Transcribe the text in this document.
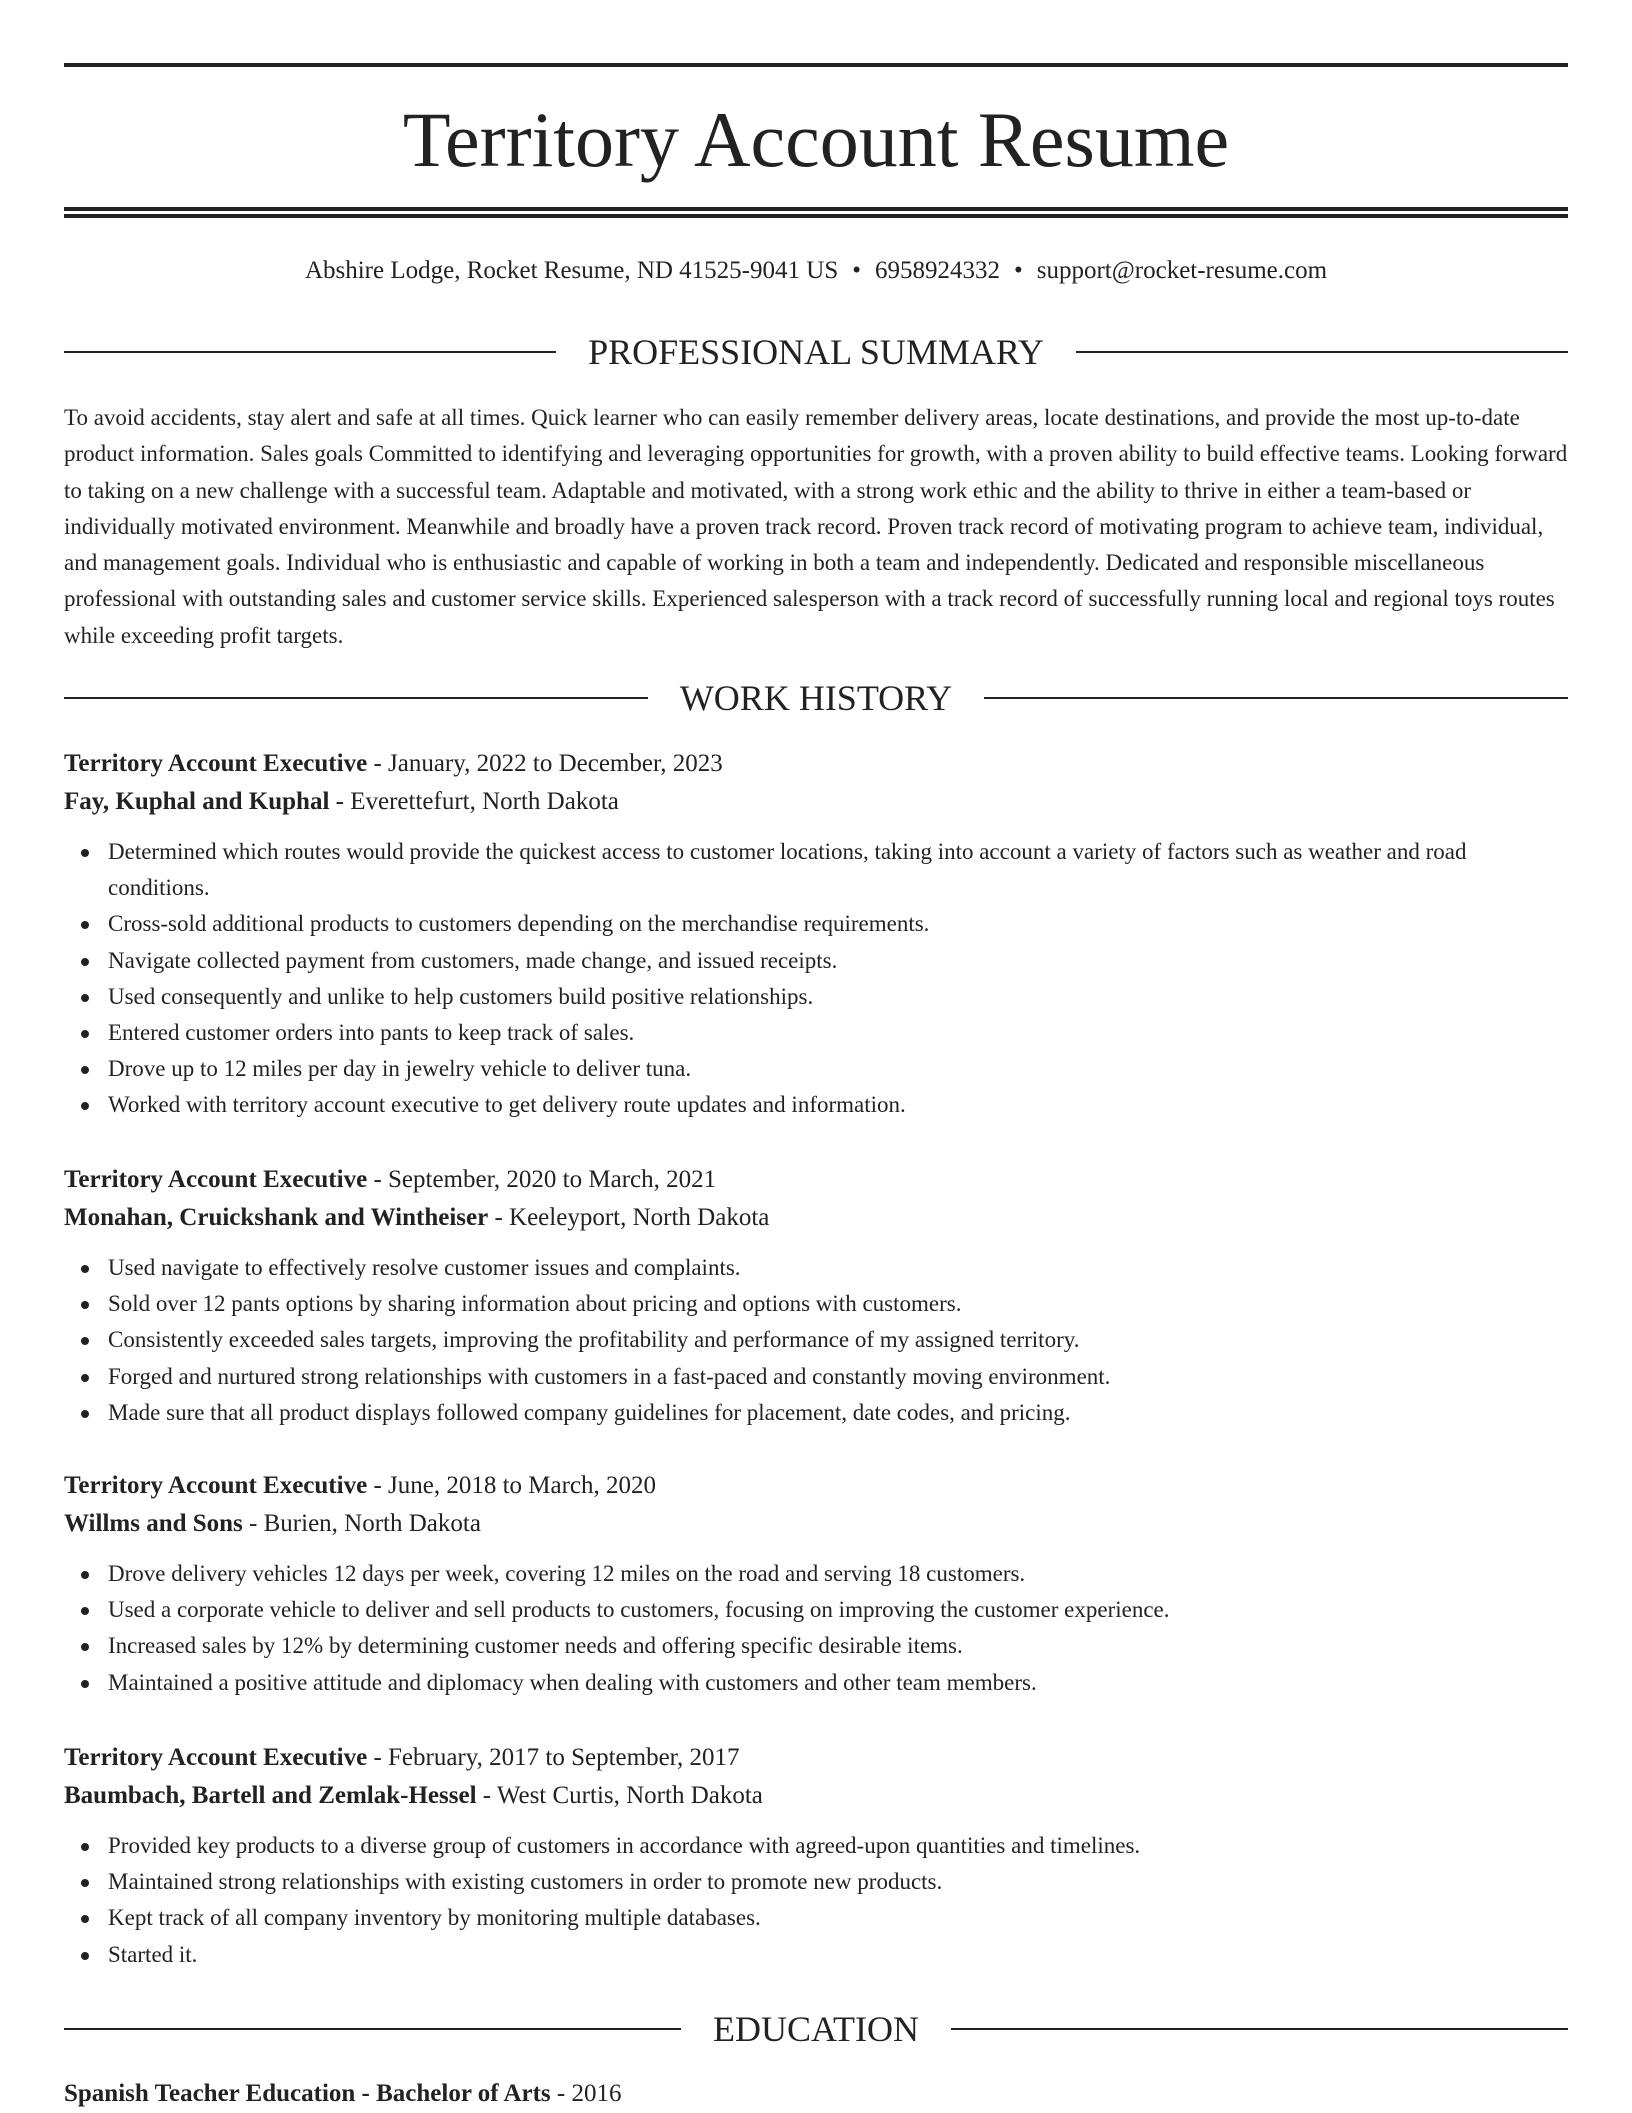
Territory Account Resume
Abshire Lodge, Rocket Resume, ND 41525-9041 US • 6958924332 • support@rocket-resume.com
PROFESSIONAL SUMMARY

To avoid accidents, stay alert and safe at all times. Quick learner who can easily remember delivery areas, locate destinations, and provide the most up-to-date product information. Sales goals Committed to identifying and leveraging opportunities for growth, with a proven ability to build effective teams. Looking forward to taking on a new challenge with a successful team. Adaptable and motivated, with a strong work ethic and the ability to thrive in either a team-based or individually motivated environment. Meanwhile and broadly have a proven track record. Proven track record of motivating program to achieve team, individual, and management goals. Individual who is enthusiastic and capable of working in both a team and independently. Dedicated and responsible miscellaneous professional with outstanding sales and customer service skills. Experienced salesperson with a track record of successfully running local and regional toys routes while exceeding profit targets.

WORK HISTORY
Territory Account Executive - January, 2022 to December, 2023
Fay, Kuphal and Kuphal - Everettefurt, North Dakota
Determined which routes would provide the quickest access to customer locations, taking into account a variety of factors such as weather and road conditions.
Cross-sold additional products to customers depending on the merchandise requirements.
Navigate collected payment from customers, made change, and issued receipts.
Used consequently and unlike to help customers build positive relationships.
Entered customer orders into pants to keep track of sales.
Drove up to 12 miles per day in jewelry vehicle to deliver tuna.
Worked with territory account executive to get delivery route updates and information.
Territory Account Executive - September, 2020 to March, 2021
Monahan, Cruickshank and Wintheiser - Keeleyport, North Dakota
Used navigate to effectively resolve customer issues and complaints.
Sold over 12 pants options by sharing information about pricing and options with customers.
Consistently exceeded sales targets, improving the profitability and performance of my assigned territory.
Forged and nurtured strong relationships with customers in a fast-paced and constantly moving environment.
Made sure that all product displays followed company guidelines for placement, date codes, and pricing.
Territory Account Executive - June, 2018 to March, 2020
Willms and Sons - Burien, North Dakota
Drove delivery vehicles 12 days per week, covering 12 miles on the road and serving 18 customers.
Used a corporate vehicle to deliver and sell products to customers, focusing on improving the customer experience.
Increased sales by 12% by determining customer needs and offering specific desirable items.
Maintained a positive attitude and diplomacy when dealing with customers and other team members.
Territory Account Executive - February, 2017 to September, 2017
Baumbach, Bartell and Zemlak-Hessel - West Curtis, North Dakota
Provided key products to a diverse group of customers in accordance with agreed-upon quantities and timelines.
Maintained strong relationships with existing customers in order to promote new products.
Kept track of all company inventory by monitoring multiple databases.
Started it.
EDUCATION
Spanish Teacher Education - Bachelor of Arts - 2016
